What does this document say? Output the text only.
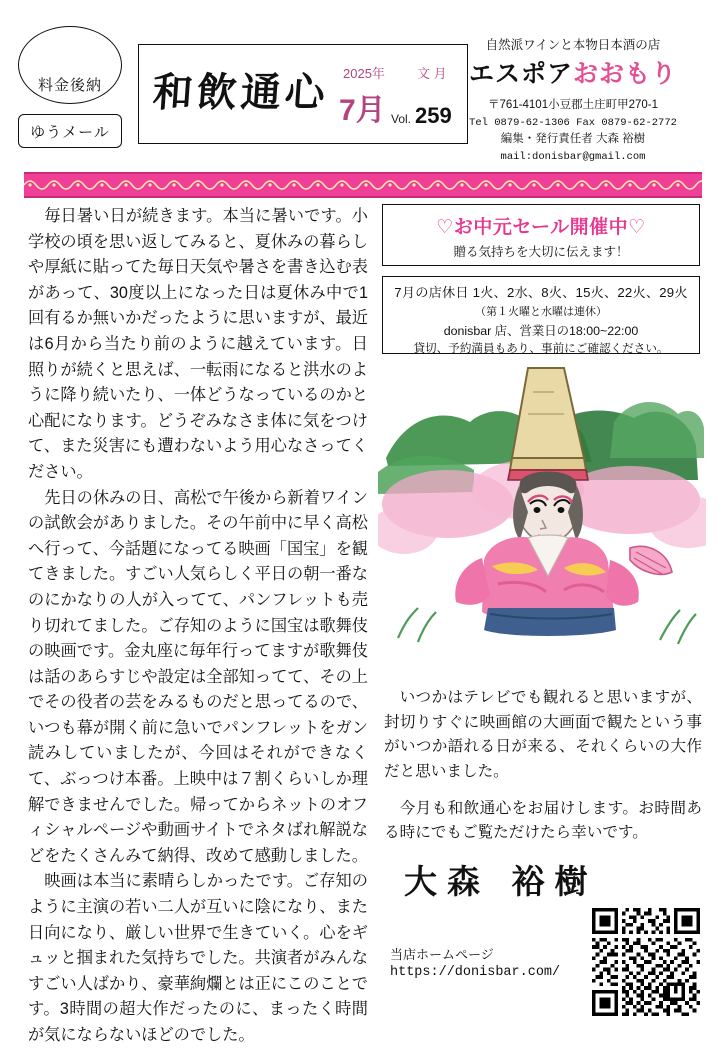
料金後納
ゆうメール
和飲通心 2025年 文 月
7月 Vol. 259
自然派ワインと本物日本酒の店
エスポアおおもり
〒761-4101小豆郡土庄町甲270-1
Tel 0879-62-1306 Fax 0879-62-2772
編集・発行責任者 大森 裕樹
mail:donisbar@gmail.com

毎日暑い日が続きます。本当に暑いです。小学校の頃を思い返してみると、夏休みの暮らしや厚紙に貼ってた毎日天気や暑さを書き込む表があって、30度以上になった日は夏休み中で1回有るか無いかだったように思いますが、最近は6月から当たり前のように越えています。日照りが続くと思えば、一転雨になると洪水のように降り続いたり、一体どうなっているのかと心配になります。どうぞみなさま体に気をつけて、また災害にも遭わないよう用心なさってください。

先日の休みの日、高松で午後から新着ワインの試飲会がありました。その午前中に早く高松へ行って、今話題になってる映画「国宝」を観てきました。すごい人気らしく平日の朝一番なのにかなりの人が入ってて、パンフレットも売り切れてました。ご存知のように国宝は歌舞伎の映画です。金丸座に毎年行ってますが歌舞伎は話のあらすじや設定は全部知ってて、その上でその役者の芸をみるものだと思ってるので、いつも幕が開く前に急いでパンフレットをガン読みしていましたが、今回はそれができなくて、ぶっつけ本番。上映中は７割くらいしか理解できませんでした。帰ってからネットのオフィシャルページや動画サイトでネタばれ解説などをたくさんみて納得、改めて感動しました。

映画は本当に素晴らしかったです。ご存知のように主演の若い二人が互いに陰になり、また日向になり、厳しい世界で生きていく。心をギュッと掴まれた気持ちでした。共演者がみんなすごい人ばかり、豪華絢爛とは正にこのことです。3時間の超大作だったのに、まったく時間が気にならないほどのでした。

♡お中元セール開催中♡
贈る気持ちを大切に伝えます！
7月の店休日 1火、2水、8火、15火、22火、29火
（第１火曜と水曜は連休）
donisbar 店、営業日の18:00~22:00
貸切、予約満員もあり、事前にご確認ください。

いつかはテレビでも観れると思いますが、封切りすぐに映画館の大画面で観たという事がいつか語れる日が来る、それくらいの大作だと思いました。

今月も和飲通心をお届けします。お時間ある時にでもご覧ただけたら幸いです。

大森 裕樹
当店ホームページ
https://donisbar.com/
